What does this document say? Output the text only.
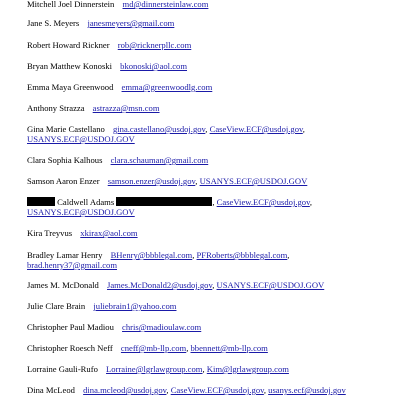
Mitchell Joel Dinnerstein md@dinnersteinlaw.com
Jane S. Meyers janesmeyers@gmail.com
Robert Howard Rickner rob@ricknerpllc.com
Bryan Matthew Konoski bkonoski@aol.com
Emma Maya Greenwood emma@greenwoodlg.com
Anthony Strazza astrazza@msn.com
Gina Marie Castellano gina.castellano@usdoj.gov, CaseView.ECF@usdoj.gov,
USANYS.ECF@USDOJ.GOV
Clara Sophia Kalhous clara.schauman@gmail.com
Samson Aaron Enzer samson.enzer@usdoj.gov, USANYS.ECF@USDOJ.GOV
Caldwell Adams	, CaseView.ECF@usdoj.gov,
USANYS.ECF@USDOJ.GOV
Kira Treyvus xkirax@aol.com
Bradley Lamar Henry BHenry@bbblegal.com, PFRoberts@bbblegal.com,
brad.henry37@gmail.com
James M. McDonald James.McDonald2@usdoj.gov, USANYS.ECF@USDOJ.GOV
Julie Clare Brain juliebrain1@yahoo.com
Christopher Paul Madiou chris@madioulaw.com
Christopher Roesch Neff cneff@mb-llp.com, bbennett@mb-llp.com
Lorraine Gauli-Rufo Lorraine@lgrlawgroup.com, Kim@lgrlawgroup.com
Dina McLeod dina.mcleod@usdoj.gov, CaseView.ECF@usdoj.gov, usanys.ecf@usdoj.gov
